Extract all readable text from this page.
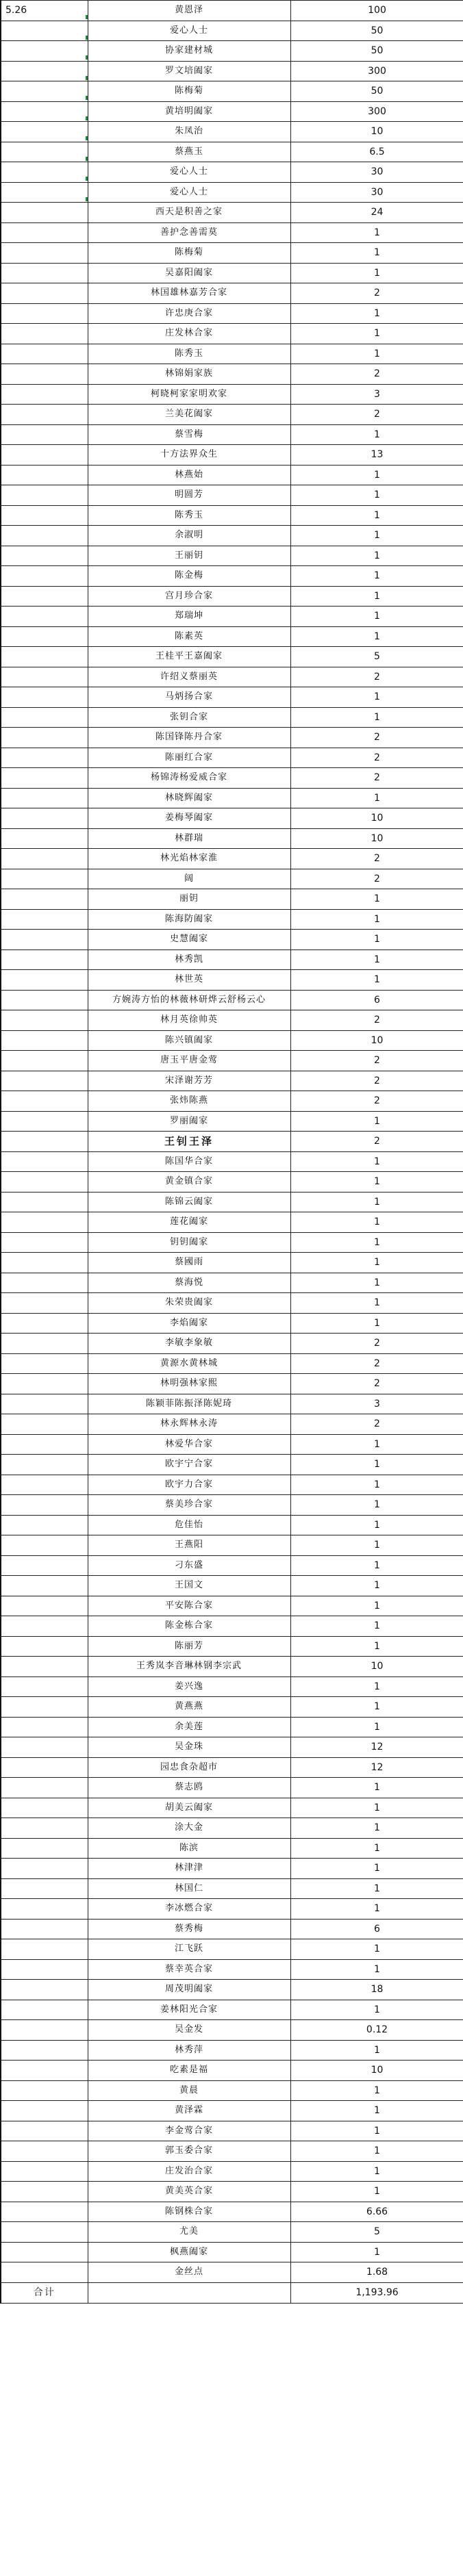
5.26	黄恩泽	100
	爱心人士	50
	协家建材城	50
	罗文培阖家	300
	陈梅菊	50
	黄培明阖家	300
	朱凤治	10
	蔡燕玉	6.5
	爱心人士	30
	爱心人士	30
	西天是积善之家	24
	善护念善需莫	1
	陈梅菊	1
	吴嘉阳阖家	1
	林国雄林嘉芳合家	2
	许忠庚合家	1
	庄发林合家	1
	陈秀玉	1
	林锦娟家族	2
	柯晓柯家家明欢家	3
	兰美花阖家	2
	蔡雪梅	1
	十方法界众生	13
	林燕始	1
	明圆芳	1
	陈秀玉	1
	余淑明	1
	王丽钥	1
	陈金梅	1
	宫月珍合家	1
	郑瑞坤	1
	陈素英	1
	王桂平王嘉阖家	5
	许绍义蔡丽英	2
	马炳扬合家	1
	张钥合家	1
	陈国锋陈丹合家	2
	陈丽红合家	2
	杨锦涛杨爱威合家	2
	林晓辉阖家	1
	姜梅琴阖家	10
	林群瑞	10
	林光焰林家淮	2
	阔	2
	丽钥	1
	陈海防阖家	1
	史慧阖家	1
	林秀凯	1
	林世英	1
	方婉涛方怡的林薇林研烨云舒杨云心	6
	林月英徐帅英	2
	陈兴镇阖家	10
	唐玉平唐金莺	2
	宋泽谢芳芳	2
	张炜陈燕	2
	罗丽阖家	1
	王钊王泽	2
	陈国华合家	1
	黄金镇合家	1
	陈锦云阖家	1
	莲花阖家	1
	钥钥阖家	1
	蔡國雨	1
	蔡海悦	1
	朱荣贵阖家	1
	李焰阖家	1
	李敏李象敏	2
	黄源水黄林城	2
	林明强林家熙	2
	陈颖菲陈振泽陈妮琦	3
	林永辉林永涛	2
	林爱华合家	1
	欧宇宁合家	1
	欧宇力合家	1
	蔡美珍合家	1
	危佳怡	1
	王燕阳	1
	刁东盛	1
	王国文	1
	平安陈合家	1
	陈金栋合家	1
	陈丽芳	1
	王秀岚李音琳林钢李宗武	10
	姜兴逸	1
	黄燕燕	1
	余美莲	1
	吴金珠	12
	园忠食杂超市	12
	蔡志鸥	1
	胡美云阖家	1
	涂大金	1
	陈滨	1
	林津津	1
	林国仁	1
	李冰燃合家	1
	蔡秀梅	6
	江飞跃	1
	蔡幸英合家	1
	周茂明阖家	18
	姜林阳光合家	1
	吴金发	0.12
	林秀萍	1
	吃素是福	10
	黄晨	1
	黄泽霖	1
	李金莺合家	1
	郭玉委合家	1
	庄发治合家	1
	黄美英合家	1
	陈钢株合家	6.66
	尤美	5
	枫燕阖家	1
	金丝点	1.68
合计		1,193.96
